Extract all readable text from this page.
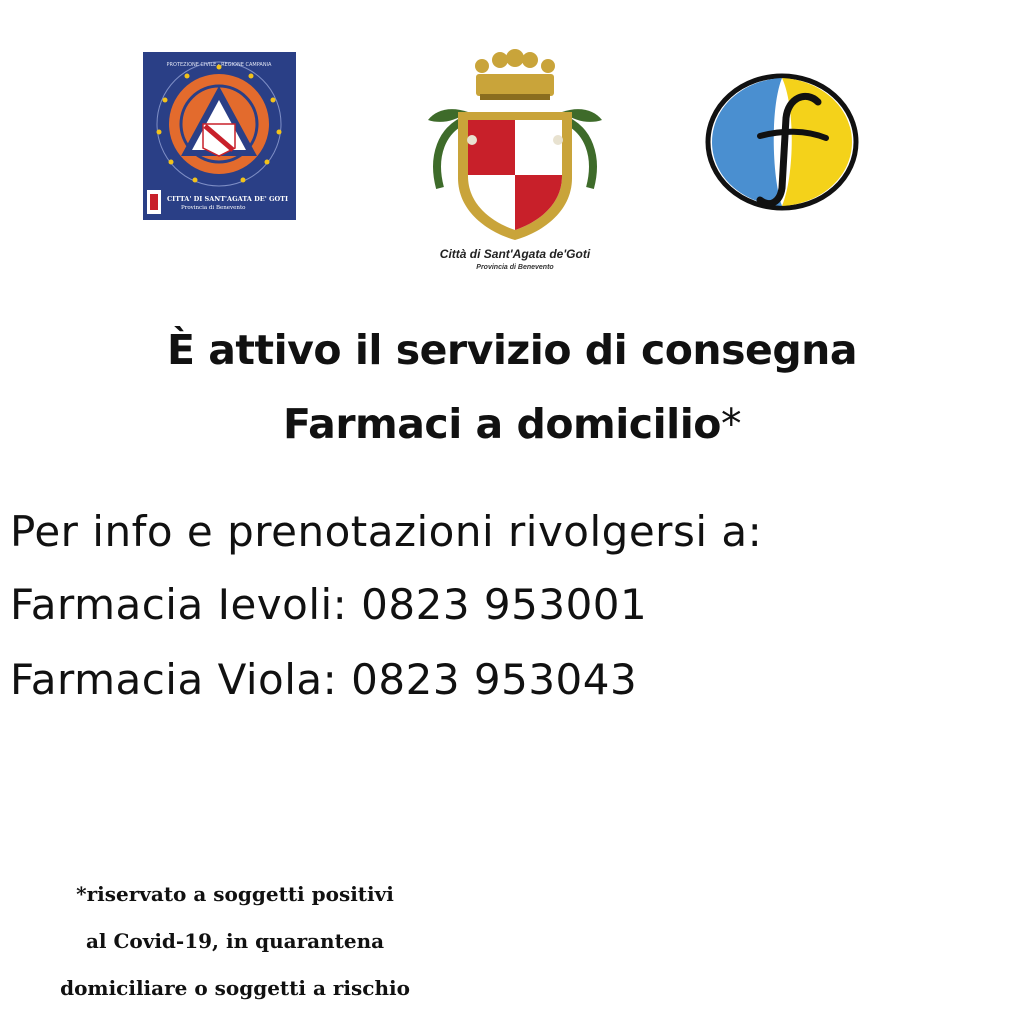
PROTEZIONE CIVILE · REGIONE CAMPANIA
CITTA' DI SANT'AGATA DE' GOTI
Provincia di Benevento
Città di Sant'Agata de'Goti
Provincia di Benevento
È attivo il servizio di consegna
Farmaci a domicilio*
Per info e prenotazioni rivolgersi a:
Farmacia Ievoli: 0823 953001
Farmacia Viola: 0823 953043
*riservato a soggetti positivi
al Covid-19, in quarantena
domiciliare o soggetti a rischio
